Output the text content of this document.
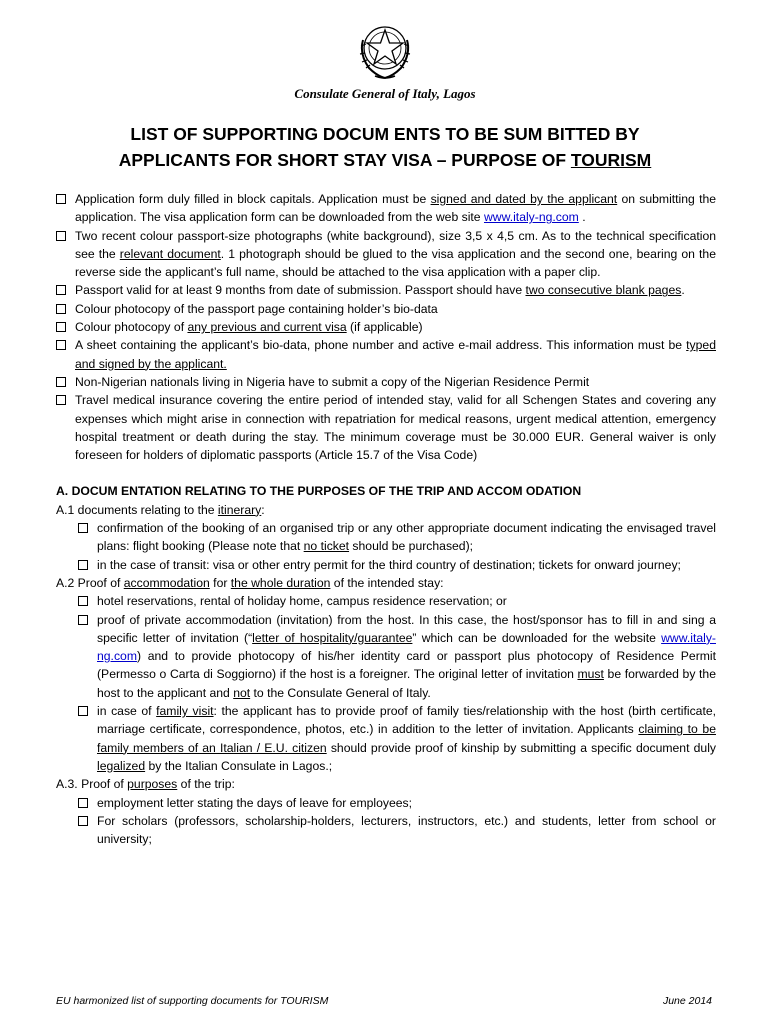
Consulate General of Italy, Lagos
LIST OF SUPPORTING DOCUM ENTS TO BE SUM BITTED BY
APPLICANTS FOR SHORT STAY VISA – PURPOSE OF TOURISM
Application form duly filled in block capitals. Application must be signed and dated by the applicant on submitting the application. The visa application form can be downloaded from the web site www.italy-ng.com .
Two recent colour passport-size photographs (white background), size 3,5 x 4,5 cm. As to the technical specification see the relevant document. 1 photograph should be glued to the visa application and the second one, bearing on the reverse side the applicant’s full name, should be attached to the visa application with a paper clip.
Passport valid for at least 9 months from date of submission. Passport should have two consecutive blank pages.
Colour photocopy of the passport page containing holder’s bio-data
Colour photocopy of any previous and current visa (if applicable)
A sheet containing the applicant’s bio-data, phone number and active e-mail address. This information must be typed and signed by the applicant.
Non-Nigerian nationals living in Nigeria have to submit a copy of the Nigerian Residence Permit
Travel medical insurance covering the entire period of intended stay, valid for all Schengen States and covering any expenses which might arise in connection with repatriation for medical reasons, urgent medical attention, emergency hospital treatment or death during the stay. The minimum coverage must be 30.000 EUR. General waiver is only foreseen for holders of diplomatic passports (Article 15.7 of the Visa Code)
A. DOCUM ENTATION RELATING TO THE PURPOSES OF THE TRIP AND ACCOM ODATION
A.1 documents relating to the itinerary:
confirmation of the booking of an organised trip or any other appropriate document indicating the envisaged travel plans: flight booking (Please note that no ticket should be purchased);
in the case of transit: visa or other entry permit for the third country of destination; tickets for onward journey;
A.2 Proof of accommodation for the whole duration of the intended stay:
hotel reservations, rental of holiday home, campus residence reservation; or
proof of private accommodation (invitation) from the host. In this case, the host/sponsor has to fill in and sing a specific letter of invitation (“letter of hospitality/guarantee” which can be downloaded for the website www.italy-ng.com) and to provide photocopy of his/her identity card or passport plus photocopy of Residence Permit (Permesso o Carta di Soggiorno) if the host is a foreigner. The original letter of invitation must be forwarded by the host to the applicant and not to the Consulate General of Italy.
in case of family visit: the applicant has to provide proof of family ties/relationship with the host (birth certificate, marriage certificate, correspondence, photos, etc.) in addition to the letter of invitation. Applicants claiming to be family members of an Italian / E.U. citizen should provide proof of kinship by submitting a specific document duly legalized by the Italian Consulate in Lagos.;
A.3. Proof of purposes of the trip:
employment letter stating the days of leave for employees;
For scholars (professors, scholarship-holders, lecturers, instructors, etc.) and students, letter from school or university;
EU harmonized list of supporting documents for TOURISM	June 2014
